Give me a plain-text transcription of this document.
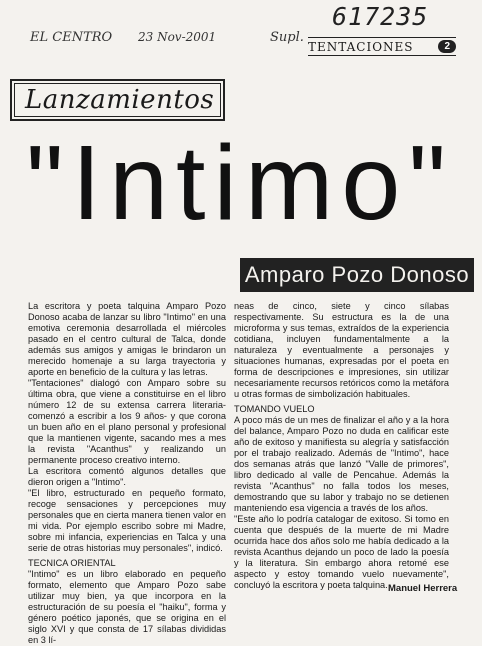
617235
EL CENTRO 23 Nov-2001	Supl.
TENTACIONES	2
Lanzamientos
"Intimo"
Amparo Pozo Donoso

La escritora y poeta talquina Amparo Pozo Donoso acaba de lanzar su libro "Intimo" en una emotiva ceremonia desarrollada el miércoles pasado en el centro cultural de Talca, donde además sus amigos y amigas le brindaron un merecido homenaje a su larga trayectoria y aporte en beneficio de la cultura y las letras.

"Tentaciones" dialogó con Amparo sobre su última obra, que viene a constituirse en el libro número 12 de su extensa carrera literaria- comenzó a escribir a los 9 años- y que corona un buen año en el plano personal y profesional que la mantienen vigente, sacando mes a mes la revista "Acanthus" y realizando un permanente proceso creativo interno.

La escritora comentó algunos detalles que dieron origen a "Intimo".

"El libro, estructurado en pequeño formato, recoge sensaciones y percepciones muy personales que en cierta manera tienen valor en mi vida. Por ejemplo escribo sobre mi Madre, sobre mi infancia, experiencias en Talca y una serie de otras historias muy personales", indicó.

TECNICA ORIENTAL

"Intimo" es un libro elaborado en pequeño formato, elemento que Amparo Pozo sabe utilizar muy bien, ya que incorpora en la estructuración de su poesía el "haiku", forma y género poético japonés, que se origina en el siglo XVI y que consta de 17 sílabas divididas en 3 lí-

neas de cinco, siete y cinco sílabas respectivamente. Su estructura es la de una microforma y sus temas, extraídos de la experiencia cotidiana, incluyen fundamentalmente a la naturaleza y eventualmente a personajes y situaciones humanas, expresadas por el poeta en forma de descripciones e impresiones, sin utilizar necesariamente recursos retóricos como la metáfora u otras formas de simbolización habituales.

TOMANDO VUELO

A poco más de un mes de finalizar el año y a la hora del balance, Amparo Pozo no duda en calificar este año de exitoso y manifiesta su alegría y satisfacción por el trabajo realizado. Además de "Intimo", hace dos semanas atrás que lanzó "Valle de primores", libro dedicado al valle de Pencahue. Además la revista "Acanthus" no falla todos los meses, demostrando que su labor y trabajo no se detienen manteniendo esa vigencia a través de los años.

"Este año lo podría catalogar de exitoso. Si tomo en cuenta que después de la muerte de mi Madre ocurrida hace dos años solo me había dedicado a la revista Acanthus dejando un poco de lado la poesía y la literatura. Sin embargo ahora retomé ese aspecto y estoy tomando vuelo nuevamente", concluyó la escritora y poeta talquina. Manuel Herrera
